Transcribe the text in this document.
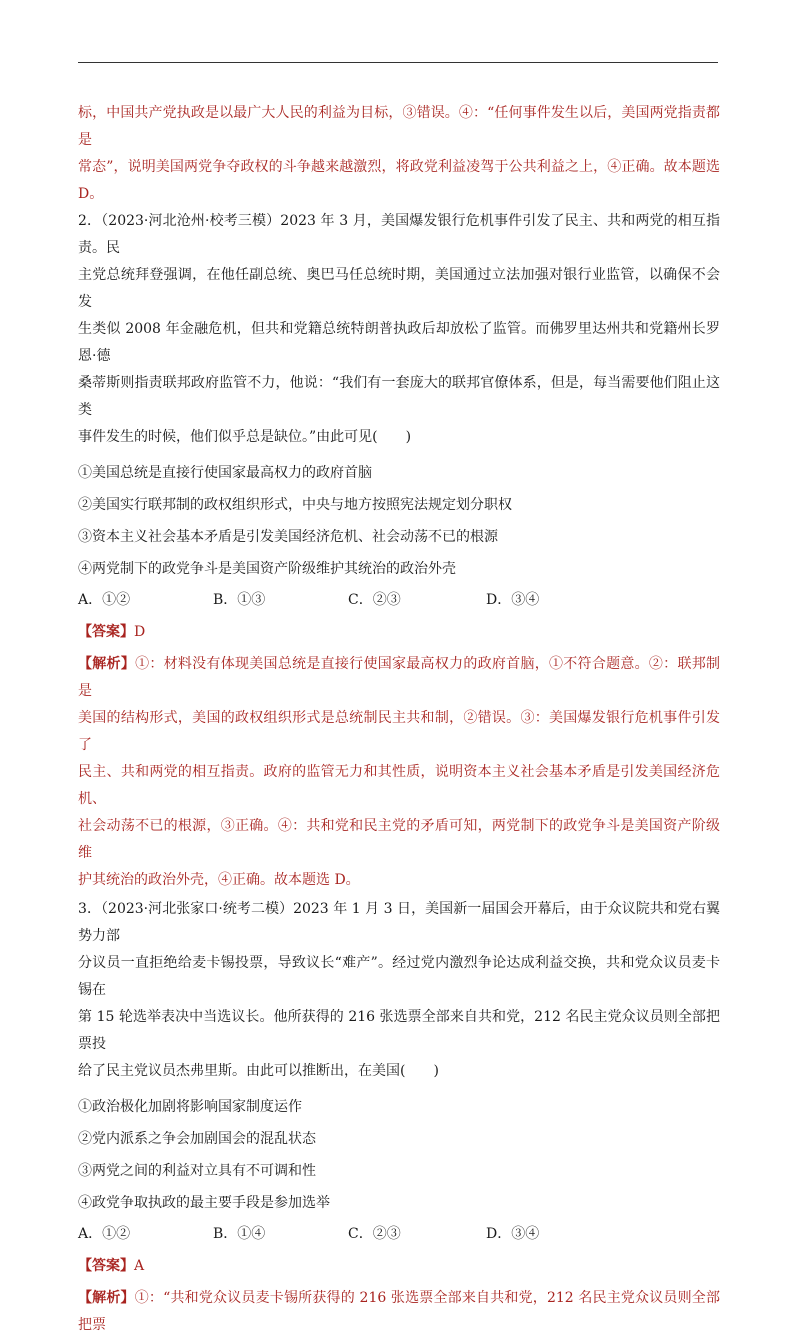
标，中国共产党执政是以最广大人民的利益为目标，③错误。④：“任何事件发生以后，美国两党指责都是

常态”，说明美国两党争夺政权的斗争越来越激烈，将政党利益凌驾于公共利益之上，④正确。故本题选 D。

2．（2023·河北沧州·校考三模）2023 年 3 月，美国爆发银行危机事件引发了民主、共和两党的相互指责。民

主党总统拜登强调，在他任副总统、奥巴马任总统时期，美国通过立法加强对银行业监管，以确保不会发

生类似 2008 年金融危机，但共和党籍总统特朗普执政后却放松了监管。而佛罗里达州共和党籍州长罗恩·德

桑蒂斯则指责联邦政府监管不力，他说：“我们有一套庞大的联邦官僚体系，但是，每当需要他们阻止这类

事件发生的时候，他们似乎总是缺位。”由此可见(　　)

①美国总统是直接行使国家最高权力的政府首脑

②美国实行联邦制的政权组织形式，中央与地方按照宪法规定划分职权

③资本主义社会基本矛盾是引发美国经济危机、社会动荡不已的根源

④两党制下的政党争斗是美国资产阶级维护其统治的政治外壳

A．①②	B．①③	C．②③	D．③④
【答案】D

【解析】①：材料没有体现美国总统是直接行使国家最高权力的政府首脑，①不符合题意。②：联邦制是

美国的结构形式，美国的政权组织形式是总统制民主共和制，②错误。③：美国爆发银行危机事件引发了

民主、共和两党的相互指责。政府的监管无力和其性质，说明资本主义社会基本矛盾是引发美国经济危机、

社会动荡不已的根源，③正确。④：共和党和民主党的矛盾可知，两党制下的政党争斗是美国资产阶级维

护其统治的政治外壳，④正确。故本题选 D。

3．（2023·河北张家口·统考二模）2023 年 1 月 3 日，美国新一届国会开幕后，由于众议院共和党右翼势力部

分议员一直拒绝给麦卡锡投票，导致议长“难产”。经过党内激烈争论达成利益交换，共和党众议员麦卡锡在

第 15 轮选举表决中当选议长。他所获得的 216 张选票全部来自共和党，212 名民主党众议员则全部把票投

给了民主党议员杰弗里斯。由此可以推断出，在美国(　　)

①政治极化加剧将影响国家制度运作

②党内派系之争会加剧国会的混乱状态

③两党之间的利益对立具有不可调和性

④政党争取执政的最主要手段是参加选举

A．①②	B．①④	C．②③	D．③④
【答案】A

【解析】①：“共和党众议员麦卡锡所获得的 216 张选票全部来自共和党，212 名民主党众议员则全部把票
